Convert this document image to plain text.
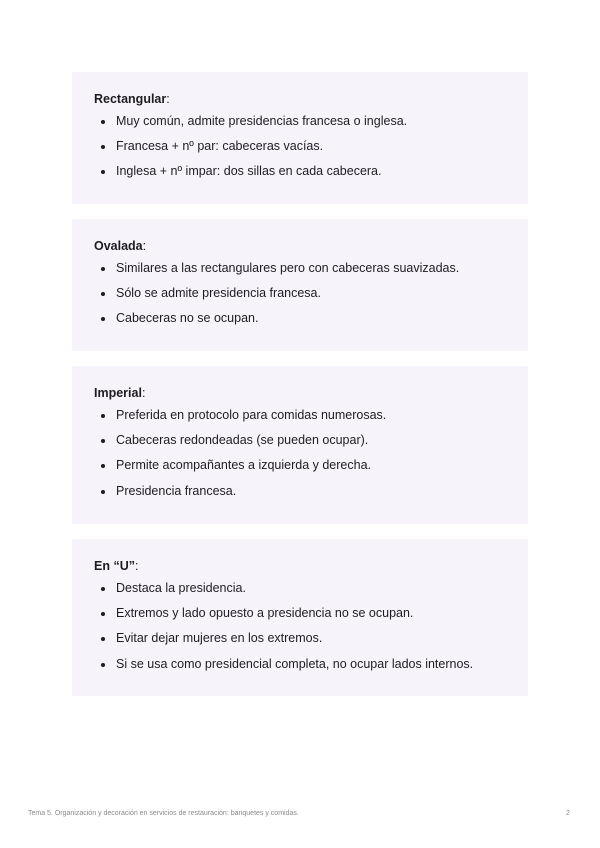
Rectangular:
Muy común, admite presidencias francesa o inglesa.
Francesa + nº par: cabeceras vacías.
Inglesa + nº impar: dos sillas en cada cabecera.
Ovalada:
Similares a las rectangulares pero con cabeceras suavizadas.
Sólo se admite presidencia francesa.
Cabeceras no se ocupan.
Imperial:
Preferida en protocolo para comidas numerosas.
Cabeceras redondeadas (se pueden ocupar).
Permite acompañantes a izquierda y derecha.
Presidencia francesa.
En “U”:
Destaca la presidencia.
Extremos y lado opuesto a presidencia no se ocupan.
Evitar dejar mujeres en los extremos.
Si se usa como presidencial completa, no ocupar lados internos.
Tema 5. Organización y decoración en servicios de restauración: banquetes y comidas.	2
